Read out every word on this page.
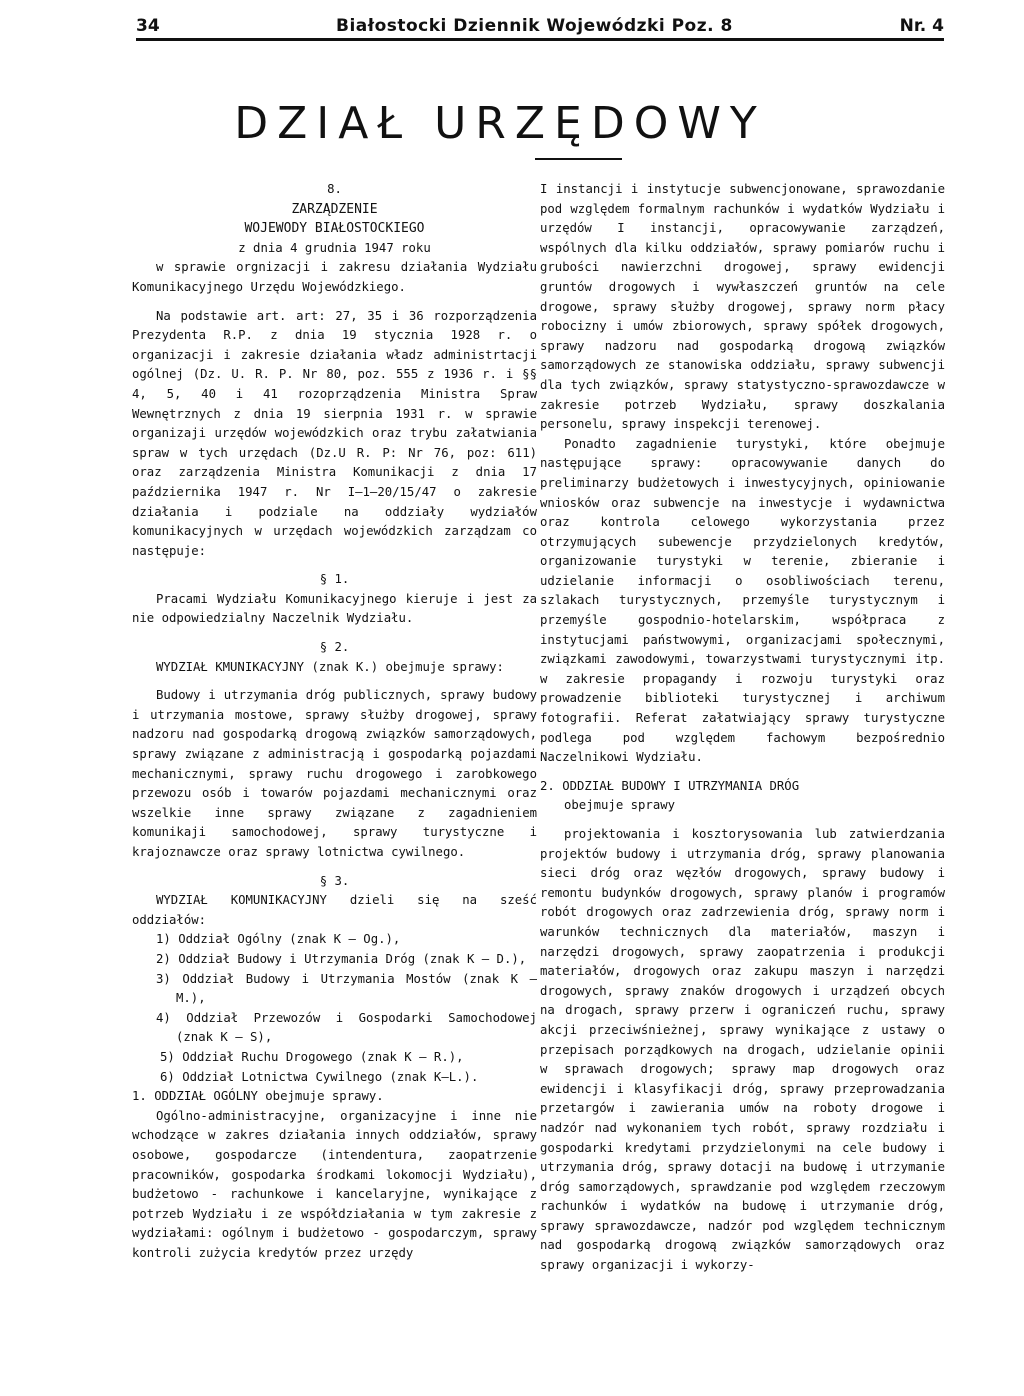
34	Białostocki Dziennik Wojewódzki Poz. 8	Nr. 4
DZIAŁ URZĘDOWY

8.

ZARZĄDZENIE

WOJEWODY BIAŁOSTOCKIEGO

z dnia 4 grudnia 1947 roku

w sprawie orgnizacji i zakresu działania Wydziału Komunikacyjnego Urzędu Wojewódzkiego.

Na podstawie art. art: 27, 35 i 36 rozporządzenia Prezydenta R.P. z dnia 19 stycznia 1928 r. o organizacji i zakresie działania władz administrtacji ogólnej (Dz. U. R. P. Nr 80, poz. 555 z 1936 r. i §§ 4, 5, 40 i 41 rozoprządzenia Ministra Spraw Wewnętrznych z dnia 19 sierpnia 1931 r. w sprawie organizaji urzędów wojewódzkich oraz trybu załatwiania spraw w tych urzędach (Dz.U R. P: Nr 76, poz: 611) oraz zarządzenia Ministra Komunikacji z dnia 17 października 1947 r. Nr I—1—20/15/47 o zakresie działania i podziale na oddziały wydziałów komunikacyjnych w urzędach wojewódzkich zarządzam co następuje:

§ 1.

Pracami Wydziału Komunikacyjnego kieruje i jest za nie odpowiedzialny Naczelnik Wydziału.

§ 2.

WYDZIAŁ KMUNIKACYJNY (znak K.) obejmuje sprawy:

Budowy i utrzymania dróg publicznych, sprawy budowy i utrzymania mostowe, sprawy służby drogowej, sprawy nadzoru nad gospodarką drogową związków samorządowych, sprawy związane z administracją i gospodarką pojazdami mechanicznymi, sprawy ruchu drogowego i zarobkowego przewozu osób i towarów pojazdami mechanicznymi oraz wszelkie inne sprawy związane z zagadnieniem komunikaji samochodowej, sprawy turystyczne i krajoznawcze oraz sprawy lotnictwa cywilnego.

§ 3.

WYDZIAŁ KOMUNIKACYJNY dzieli się na sześć oddziałów:

1) Oddział Ogólny (znak K — Og.),

2) Oddział Budowy i Utrzymania Dróg (znak K — D.),

3) Oddział Budowy i Utrzymania Mostów (znak K — M.),

4) Oddział Przewozów i Gospodarki Samochodowej (znak K — S),

5) Oddział Ruchu Drogowego (znak K — R.),

6) Oddział Lotnictwa Cywilnego (znak K—L.).

1. ODDZIAŁ OGÓLNY obejmuje sprawy.

Ogólno-administracyjne, organizacyjne i inne nie wchodzące w zakres działania innych oddziałów, sprawy osobowe, gospodarcze (intendentura, zaopatrzenie pracowników, gospodarka środkami lokomocji Wydziału), budżetowo - rachunkowe i kancelaryjne, wynikające z potrzeb Wydziału i ze współdziałania w tym zakresie z wydziałami: ogólnym i budżetowo - gospodarczym, sprawy kontroli zużycia kredytów przez urzędy

I instancji i instytucje subwencjonowane, sprawozdanie pod względem formalnym rachunków i wydatków Wydziału i urzędów I instancji, opracowywanie zarządzeń, wspólnych dla kilku oddziałów, sprawy pomiarów ruchu i grubości nawierzchni drogowej, sprawy ewidencji gruntów drogowych i wywłaszczeń gruntów na cele drogowe, sprawy służby drogowej, sprawy norm płacy robocizny i umów zbiorowych, sprawy spółek drogowych, sprawy nadzoru nad gospodarką drogową związków samorządowych ze stanowiska oddziału, sprawy subwencji dla tych związków, sprawy statystyczno-sprawozdawcze w zakresie potrzeb Wydziału, sprawy doszkalania personelu, sprawy inspekcji terenowej.

Ponadto zagadnienie turystyki, które obejmuje następujące sprawy: opracowywanie danych do preliminarzy budżetowych i inwestycyjnych, opiniowanie wniosków oraz subwencje na inwestycje i wydawnictwa oraz kontrola celowego wykorzystania przez otrzymujących subewencje przydzielonych kredytów, organizowanie turystyki w terenie, zbieranie i udzielanie informacji o osobliwościach terenu, szlakach turystycznych, przemyśle turystycznym i przemyśle gospodnio-hotelarskim, współpraca z instytucjami państwowymi, organizacjami społecznymi, związkami zawodowymi, towarzystwami turystycznymi itp. w zakresie propagandy i rozwoju turystyki oraz prowadzenie biblioteki turystycznej i archiwum fotografii. Referat załatwiający sprawy turystyczne podlega pod względem fachowym bezpośrednio Naczelnikowi Wydziału.

2. ODDZIAŁ BUDOWY I UTRZYMANIA DRÓG

obejmuje sprawy

projektowania i kosztorysowania lub zatwierdzania projektów budowy i utrzymania dróg, sprawy planowania sieci dróg oraz węzłów drogowych, sprawy budowy i remontu budynków drogowych, sprawy planów i programów robót drogowych oraz zadrzewienia dróg, sprawy norm i warunków technicznych dla materiałów, maszyn i narzędzi drogowych, sprawy zaopatrzenia i produkcji materiałów, drogowych oraz zakupu maszyn i narzędzi drogowych, sprawy znaków drogowych i urządzeń obcych na drogach, sprawy przerw i ograniczeń ruchu, sprawy akcji przeciwśnieżnej, sprawy wynikające z ustawy o przepisach porządkowych na drogach, udzielanie opinii w sprawach drogowych; sprawy map drogowych oraz ewidencji i klasyfikacji dróg, sprawy przeprowadzania przetargów i zawierania umów na roboty drogowe i nadzór nad wykonaniem tych robót, sprawy rozdziału i gospodarki kredytami przydzielonymi na cele budowy i utrzymania dróg, sprawy dotacji na budowę i utrzymanie dróg samorządowych, sprawdzanie pod względem rzeczowym rachunków i wydatków na budowę i utrzymanie dróg, sprawy sprawozdawcze, nadzór pod względem technicznym nad gospodarką drogową związków samorządowych oraz sprawy organizacji i wykorzy-
